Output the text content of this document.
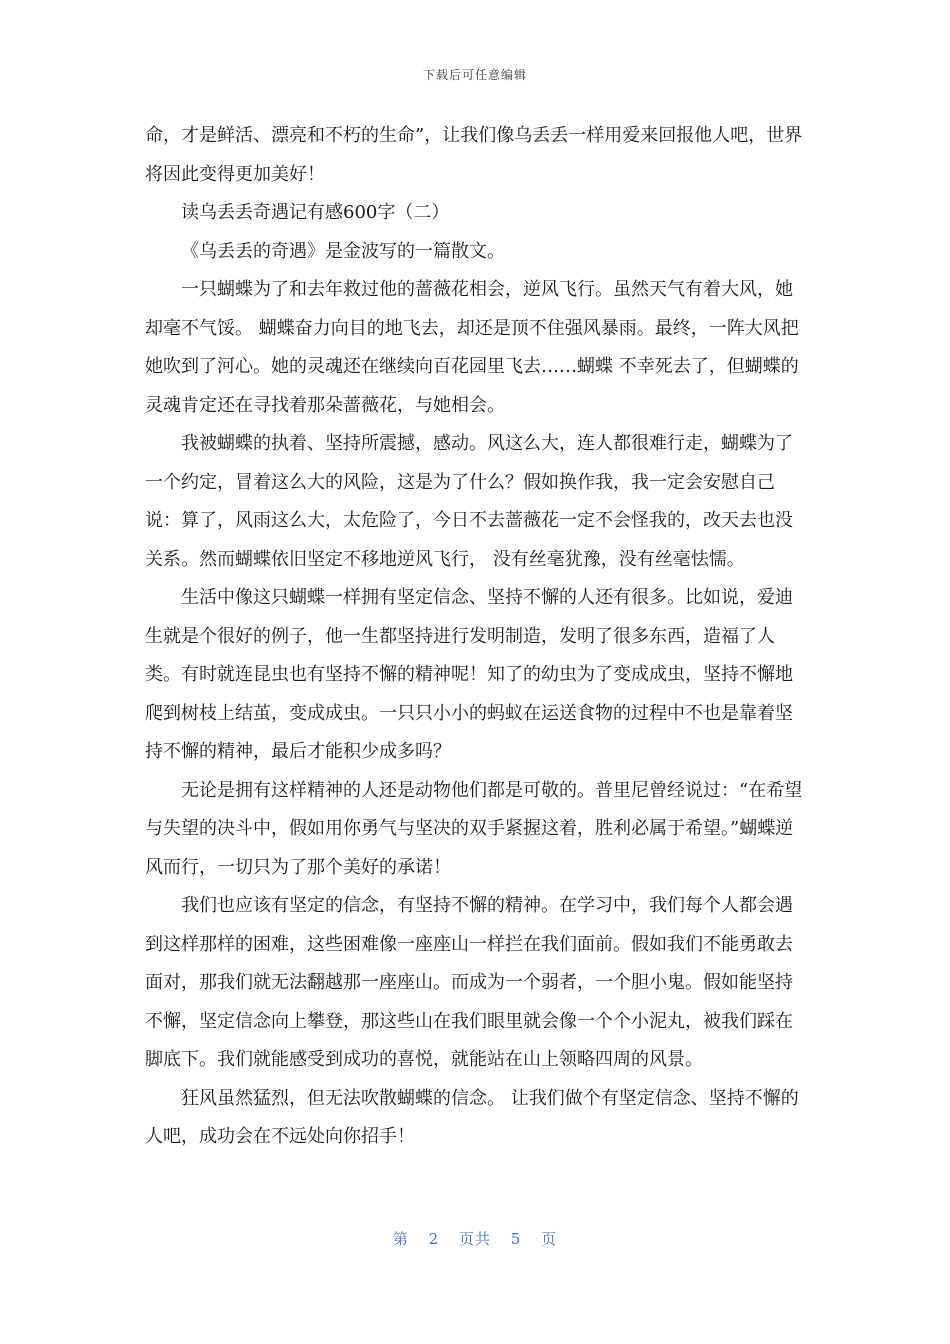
下载后可任意编辑

命，才是鲜活、漂亮和不朽的生命”，让我们像乌丢丢一样用爱来回报他人吧，世界将因此变得更加美好！

读乌丢丢奇遇记有感600字（二）

《乌丢丢的奇遇》是金波写的一篇散文。

一只蝴蝶为了和去年救过他的蔷薇花相会，逆风飞行。虽然天气有着大风，她却毫不气馁。 蝴蝶奋力向目的地飞去，却还是顶不住强风暴雨。最终，一阵大风把她吹到了河心。她的灵魂还在继续向百花园里飞去……蝴蝶 不幸死去了，但蝴蝶的灵魂肯定还在寻找着那朵蔷薇花，与她相会。

我被蝴蝶的执着、坚持所震撼，感动。风这么大，连人都很难行走，蝴蝶为了一个约定，冒着这么大的风险，这是为了什么？假如换作我，我一定会安慰自己说：算了，风雨这么大，太危险了，今日不去蔷薇花一定不会怪我的，改天去也没关系。然而蝴蝶依旧坚定不移地逆风飞行， 没有丝毫犹豫，没有丝毫怯懦。

生活中像这只蝴蝶一样拥有坚定信念、坚持不懈的人还有很多。比如说，爱迪生就是个很好的例子，他一生都坚持进行发明制造，发明了很多东西，造福了人类。有时就连昆虫也有坚持不懈的精神呢！知了的幼虫为了变成成虫，坚持不懈地爬到树枝上结茧，变成成虫。一只只小小的蚂蚁在运送食物的过程中不也是靠着坚持不懈的精神，最后才能积少成多吗？

无论是拥有这样精神的人还是动物他们都是可敬的。普里尼曾经说过：“在希望与失望的决斗中，假如用你勇气与坚决的双手紧握这着，胜利必属于希望。”蝴蝶逆风而行，一切只为了那个美好的承诺！

我们也应该有坚定的信念，有坚持不懈的精神。在学习中，我们每个人都会遇到这样那样的困难，这些困难像一座座山一样拦在我们面前。假如我们不能勇敢去面对，那我们就无法翻越那一座座山。而成为一个弱者，一个胆小鬼。假如能坚持不懈，坚定信念向上攀登，那这些山在我们眼里就会像一个个小泥丸，被我们踩在脚底下。我们就能感受到成功的喜悦，就能站在山上领略四周的风景。

狂风虽然猛烈，但无法吹散蝴蝶的信念。 让我们做个有坚定信念、坚持不懈的人吧，成功会在不远处向你招手！

第 2 页共 5 页
